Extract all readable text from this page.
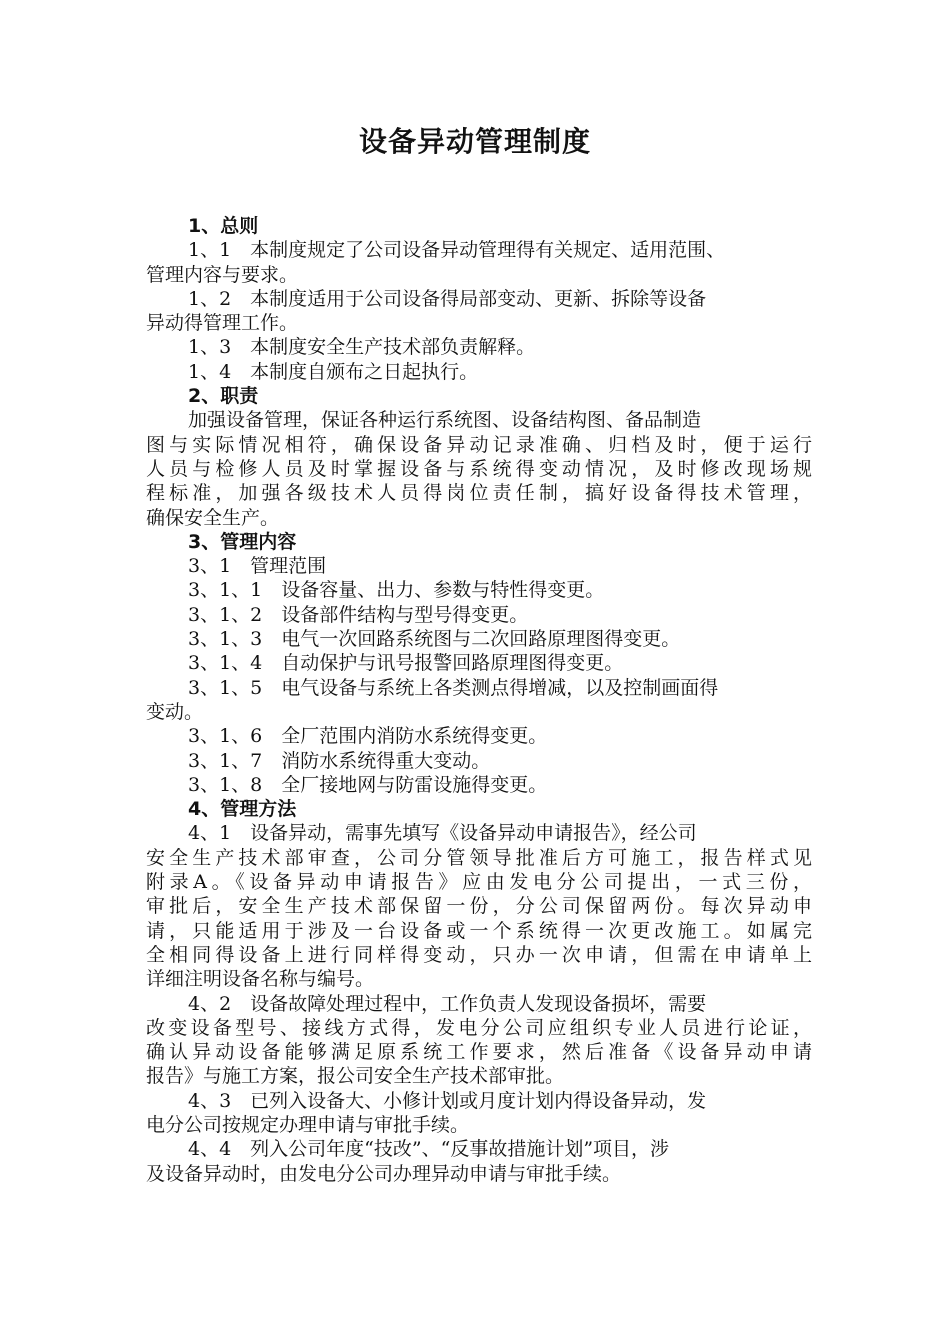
设备异动管理制度
1、总则
1、1　本制度规定了公司设备异动管理得有关规定、适用范围、
管理内容与要求。
1、2　本制度适用于公司设备得局部变动、更新、拆除等设备
异动得管理工作。
1、3　本制度安全生产技术部负责解释。
1、4　本制度自颁布之日起执行。
2、职责
加强设备管理，保证各种运行系统图、设备结构图、备品制造
图与实际情况相符，确保设备异动记录准确、归档及时，便于运行
人员与检修人员及时掌握设备与系统得变动情况，及时修改现场规
程标准，加强各级技术人员得岗位责任制，搞好设备得技术管理，
确保安全生产。
3、管理内容
3、1　管理范围
3、1、1　设备容量、出力、参数与特性得变更。
3、1、2　设备部件结构与型号得变更。
3、1、3　电气一次回路系统图与二次回路原理图得变更。
3、1、4　自动保护与讯号报警回路原理图得变更。
3、1、5　电气设备与系统上各类测点得增减，以及控制画面得
变动。
3、1、6　全厂范围内消防水系统得变更。
3、1、7　消防水系统得重大变动。
3、1、8　全厂接地网与防雷设施得变更。
4、管理方法
4、1　设备异动，需事先填写《设备异动申请报告》，经公司
安全生产技术部审查，公司分管领导批准后方可施工，报告样式见
附录A。《设备异动申请报告》应由发电分公司提出，一式三份，
审批后，安全生产技术部保留一份，分公司保留两份。每次异动申
请，只能适用于涉及一台设备或一个系统得一次更改施工。如属完
全相同得设备上进行同样得变动，只办一次申请，但需在申请单上
详细注明设备名称与编号。
4、2　设备故障处理过程中，工作负责人发现设备损坏，需要
改变设备型号、接线方式得，发电分公司应组织专业人员进行论证，
确认异动设备能够满足原系统工作要求，然后准备《设备异动申请
报告》与施工方案，报公司安全生产技术部审批。
4、3　已列入设备大、小修计划或月度计划内得设备异动，发
电分公司按规定办理申请与审批手续。
4、4　列入公司年度“技改”、“反事故措施计划”项目，涉
及设备异动时，由发电分公司办理异动申请与审批手续。
